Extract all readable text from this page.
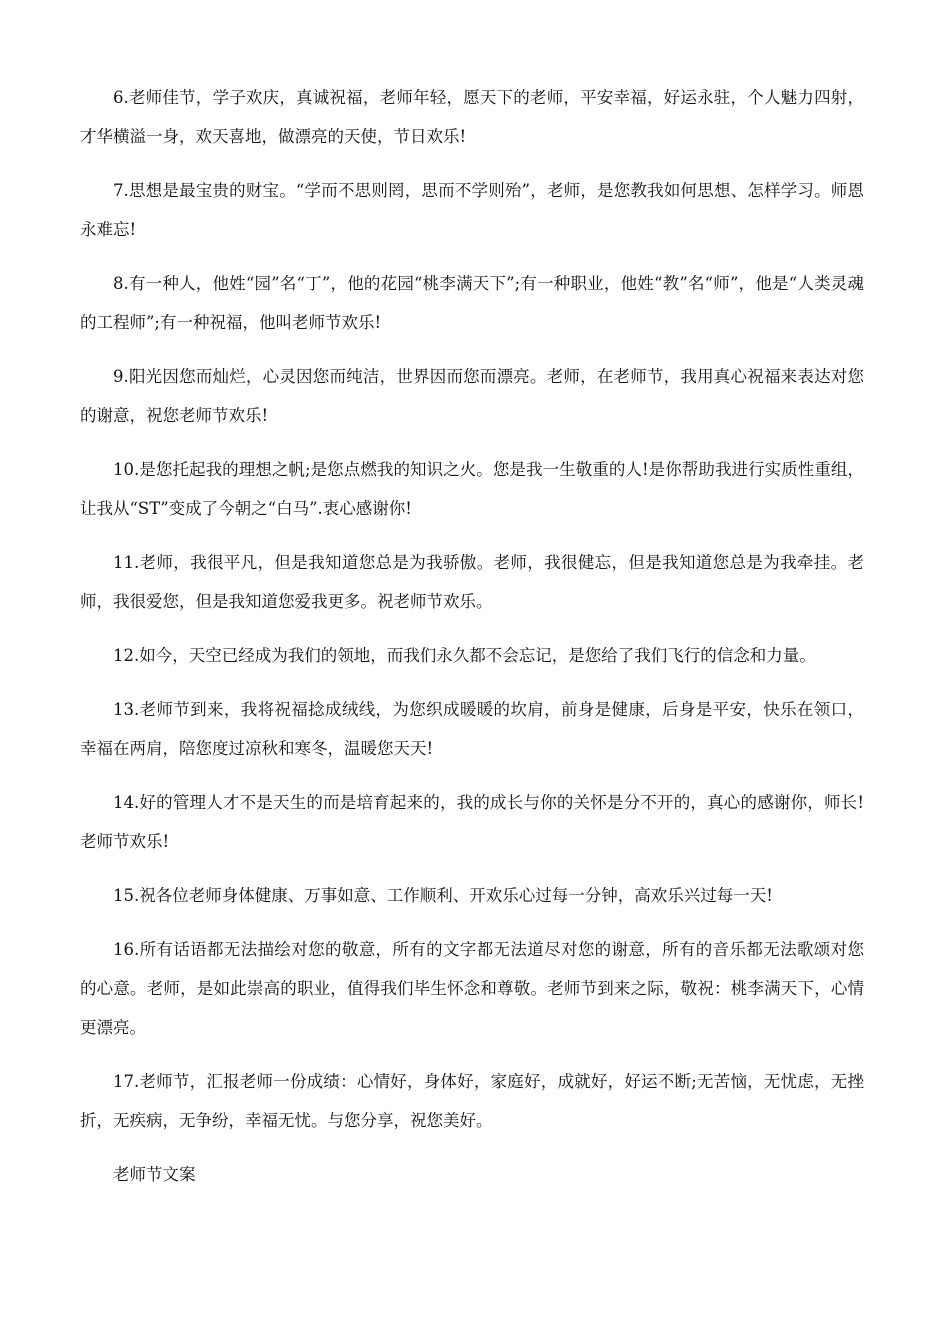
6.老师佳节，学子欢庆，真诚祝福，老师年轻，愿天下的老师，平安幸福，好运永驻，个人魅力四射，才华横溢一身，欢天喜地，做漂亮的天使，节日欢乐!

7.思想是最宝贵的财宝。“学而不思则罔，思而不学则殆”，老师，是您教我如何思想、怎样学习。师恩永难忘!

8.有一种人，他姓“园”名“丁”，他的花园“桃李满天下”;有一种职业，他姓“教”名“师”，他是“人类灵魂的工程师”;有一种祝福，他叫老师节欢乐!

9.阳光因您而灿烂，心灵因您而纯洁，世界因而您而漂亮。老师，在老师节，我用真心祝福来表达对您的谢意，祝您老师节欢乐!

10.是您托起我的理想之帆;是您点燃我的知识之火。您是我一生敬重的人!是你帮助我进行实质性重组，让我从“ST”变成了今朝之“白马”.衷心感谢你!

11.老师，我很平凡，但是我知道您总是为我骄傲。老师，我很健忘，但是我知道您总是为我牵挂。老师，我很爱您，但是我知道您爱我更多。祝老师节欢乐。

12.如今，天空已经成为我们的领地，而我们永久都不会忘记，是您给了我们飞行的信念和力量。

13.老师节到来，我将祝福捻成绒线，为您织成暖暖的坎肩，前身是健康，后身是平安，快乐在领口，幸福在两肩，陪您度过凉秋和寒冬，温暖您天天!

14.好的管理人才不是天生的而是培育起来的，我的成长与你的关怀是分不开的，真心的感谢你，师长!老师节欢乐!

15.祝各位老师身体健康、万事如意、工作顺利、开欢乐心过每一分钟，高欢乐兴过每一天!

16.所有话语都无法描绘对您的敬意，所有的文字都无法道尽对您的谢意，所有的音乐都无法歌颂对您的心意。老师，是如此崇高的职业，值得我们毕生怀念和尊敬。老师节到来之际，敬祝：桃李满天下，心情更漂亮。

17.老师节，汇报老师一份成绩：心情好，身体好，家庭好，成就好，好运不断;无苦恼，无忧虑，无挫折，无疾病，无争纷，幸福无忧。与您分享，祝您美好。

老师节文案
